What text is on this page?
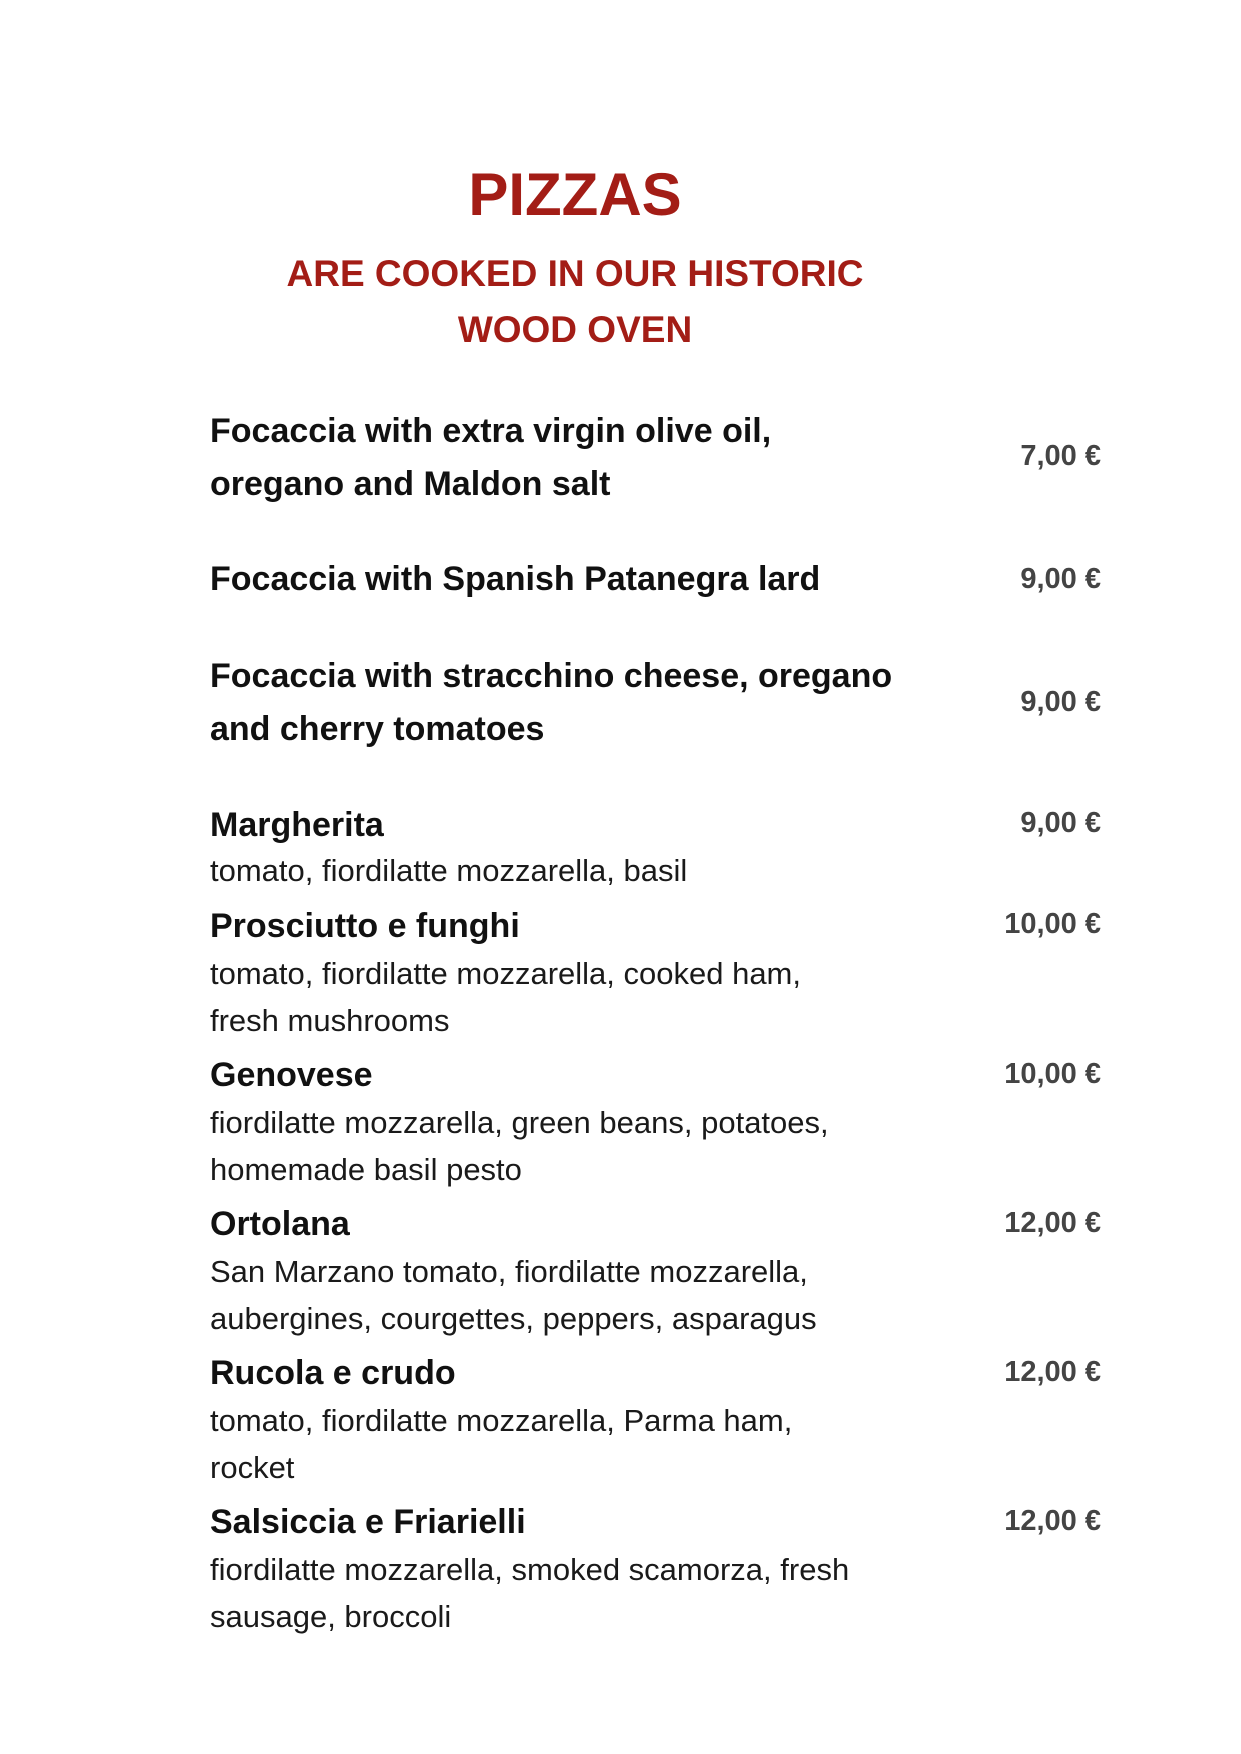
PIZZAS
ARE COOKED IN OUR HISTORIC
WOOD OVEN
Focaccia with extra virgin olive oil,
oregano and Maldon salt
7,00 €
Focaccia with Spanish Patanegra lard	9,00 €
Focaccia with stracchino cheese, oregano
and cherry tomatoes
9,00 €
Margherita
tomato, fiordilatte mozzarella, basil
9,00 €
Prosciutto e funghi
tomato, fiordilatte mozzarella, cooked ham,
fresh mushrooms
10,00 €
Genovese
fiordilatte mozzarella, green beans, potatoes,
homemade basil pesto
10,00 €
Ortolana
San Marzano tomato, fiordilatte mozzarella,
aubergines, courgettes, peppers, asparagus
12,00 €
Rucola e crudo
tomato, fiordilatte mozzarella, Parma ham,
rocket
12,00 €
Salsiccia e Friarielli
fiordilatte mozzarella, smoked scamorza, fresh
sausage, broccoli
12,00 €
